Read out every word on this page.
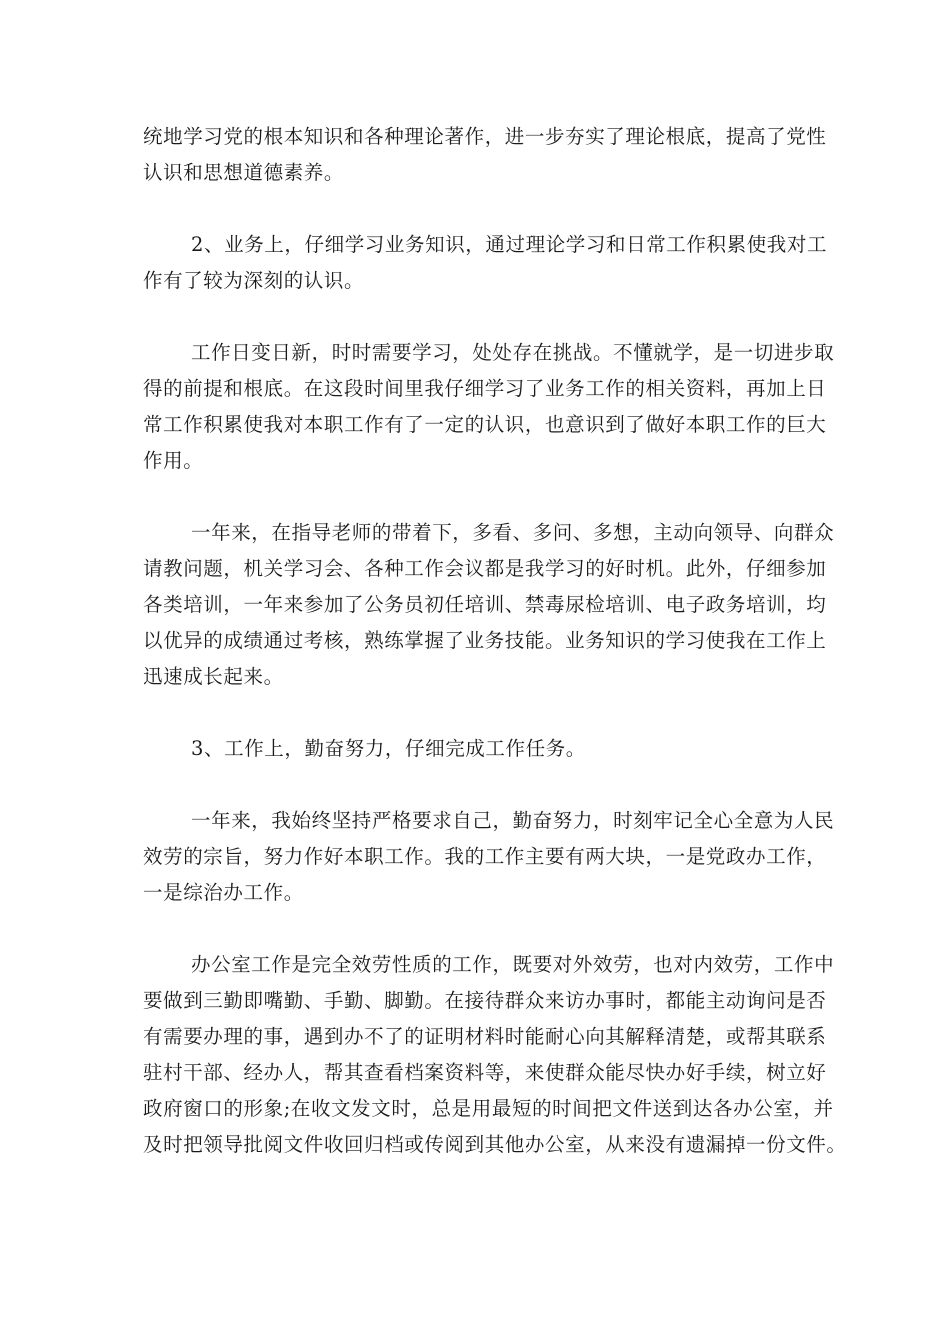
统地学习党的根本知识和各种理论著作，进一步夯实了理论根底，提高了党性
认识和思想道德素养。
2、业务上，仔细学习业务知识，通过理论学习和日常工作积累使我对工
作有了较为深刻的认识。
工作日变日新，时时需要学习，处处存在挑战。不懂就学，是一切进步取
得的前提和根底。在这段时间里我仔细学习了业务工作的相关资料，再加上日
常工作积累使我对本职工作有了一定的认识，也意识到了做好本职工作的巨大
作用。
一年来，在指导老师的带着下，多看、多问、多想，主动向领导、向群众
请教问题，机关学习会、各种工作会议都是我学习的好时机。此外，仔细参加
各类培训，一年来参加了公务员初任培训、禁毒尿检培训、电子政务培训，均
以优异的成绩通过考核，熟练掌握了业务技能。业务知识的学习使我在工作上
迅速成长起来。
3、工作上，勤奋努力，仔细完成工作任务。
一年来，我始终坚持严格要求自己，勤奋努力，时刻牢记全心全意为人民
效劳的宗旨，努力作好本职工作。我的工作主要有两大块，一是党政办工作，
一是综治办工作。
办公室工作是完全效劳性质的工作，既要对外效劳，也对内效劳，工作中
要做到三勤即嘴勤、手勤、脚勤。在接待群众来访办事时，都能主动询问是否
有需要办理的事，遇到办不了的证明材料时能耐心向其解释清楚，或帮其联系
驻村干部、经办人，帮其查看档案资料等，来使群众能尽快办好手续，树立好
政府窗口的形象;在收文发文时，总是用最短的时间把文件送到达各办公室，并
及时把领导批阅文件收回归档或传阅到其他办公室，从来没有遗漏掉一份文件。
